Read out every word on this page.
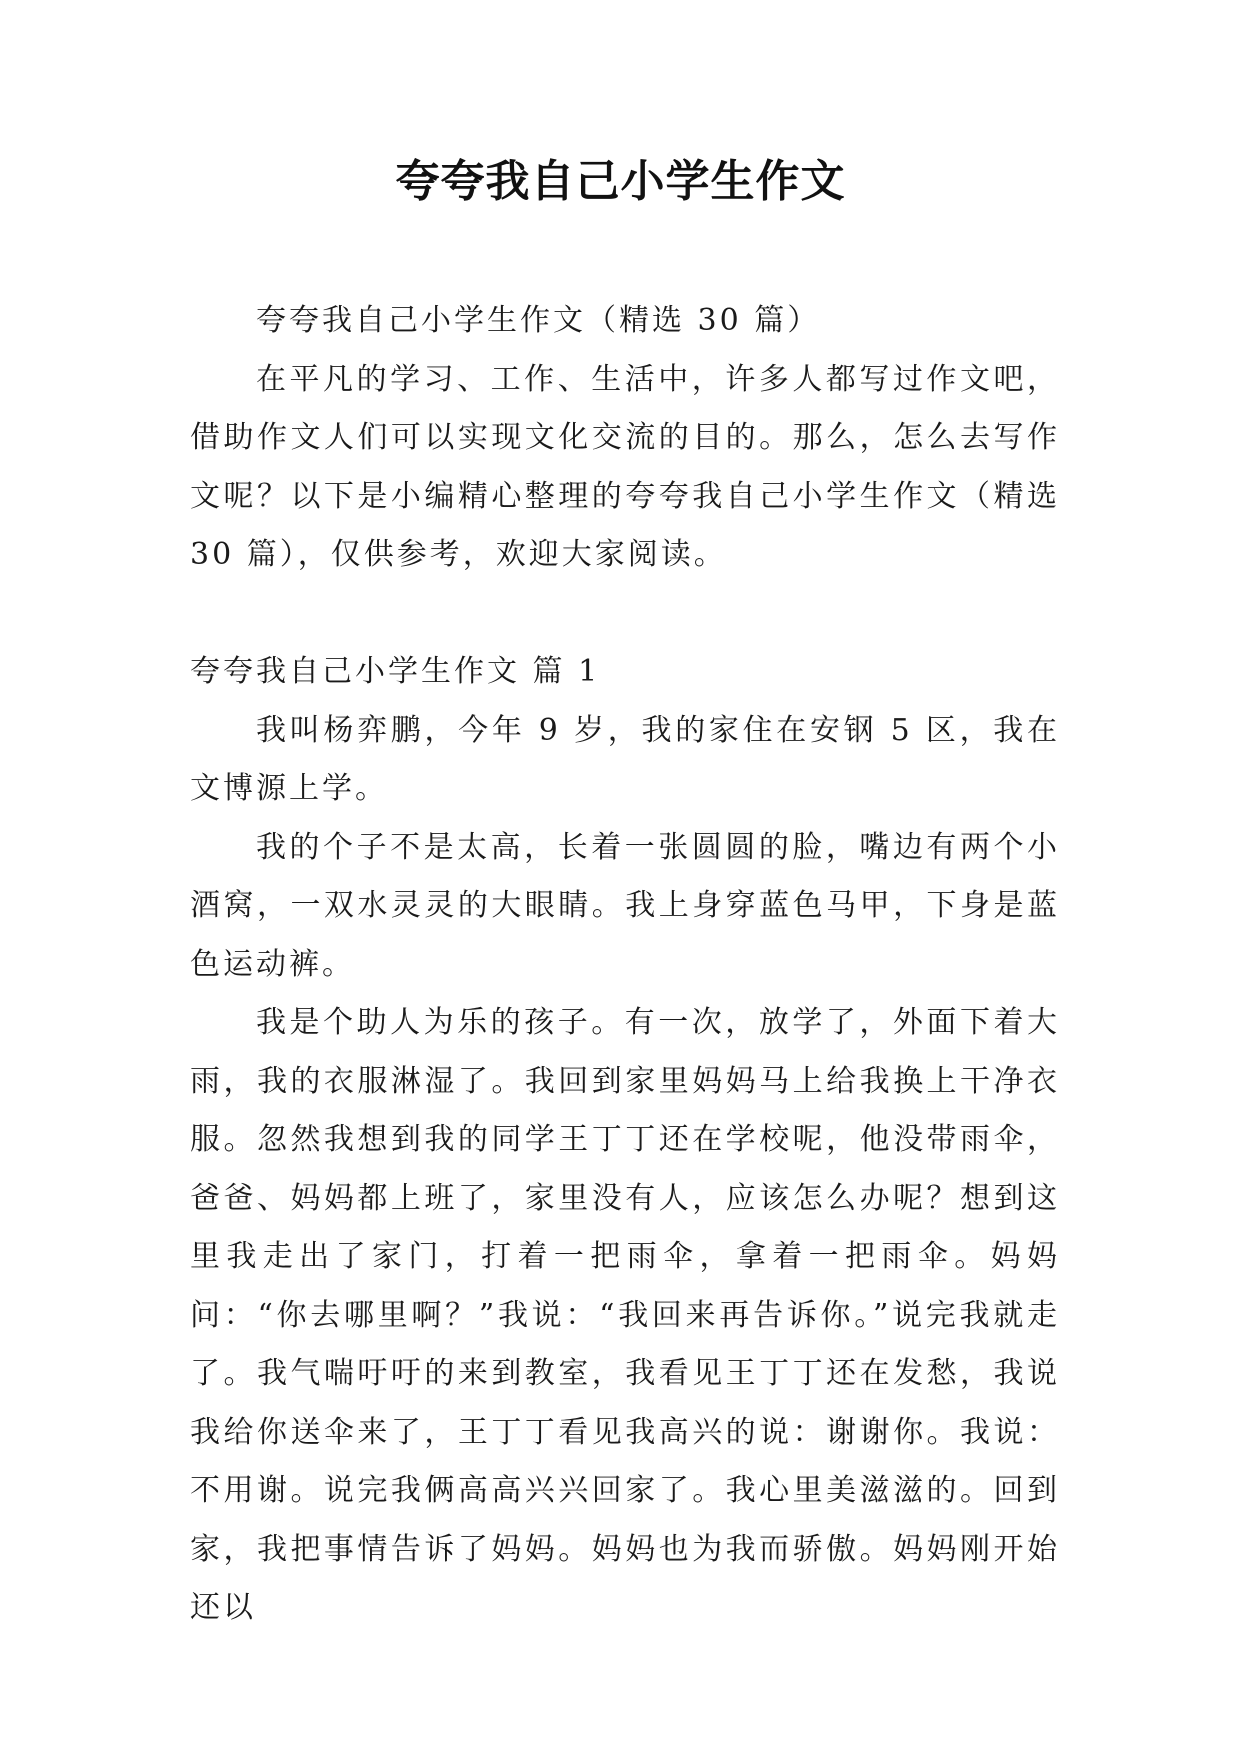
夸夸我自己小学生作文

夸夸我自己小学生作文（精选 30 篇）

在平凡的学习、工作、生活中，许多人都写过作文吧，借助作文人们可以实现文化交流的目的。那么，怎么去写作文呢？以下是小编精心整理的夸夸我自己小学生作文（精选 30 篇），仅供参考，欢迎大家阅读。

夸夸我自己小学生作文 篇 1

我叫杨弈鹏，今年 9 岁，我的家住在安钢 5 区，我在文博源上学。

我的个子不是太高，长着一张圆圆的脸，嘴边有两个小酒窝，一双水灵灵的大眼睛。我上身穿蓝色马甲，下身是蓝色运动裤。

我是个助人为乐的孩子。有一次，放学了，外面下着大雨，我的衣服淋湿了。我回到家里妈妈马上给我换上干净衣服。忽然我想到我的同学王丁丁还在学校呢，他没带雨伞，爸爸、妈妈都上班了，家里没有人，应该怎么办呢？想到这里我走出了家门，打着一把雨伞，拿着一把雨伞。妈妈问：“你去哪里啊？”我说：“我回来再告诉你。”说完我就走了。我气喘吁吁的来到教室，我看见王丁丁还在发愁，我说我给你送伞来了，王丁丁看见我高兴的说：谢谢你。我说：不用谢。说完我俩高高兴兴回家了。我心里美滋滋的。回到家，我把事情告诉了妈妈。妈妈也为我而骄傲。妈妈刚开始还以
